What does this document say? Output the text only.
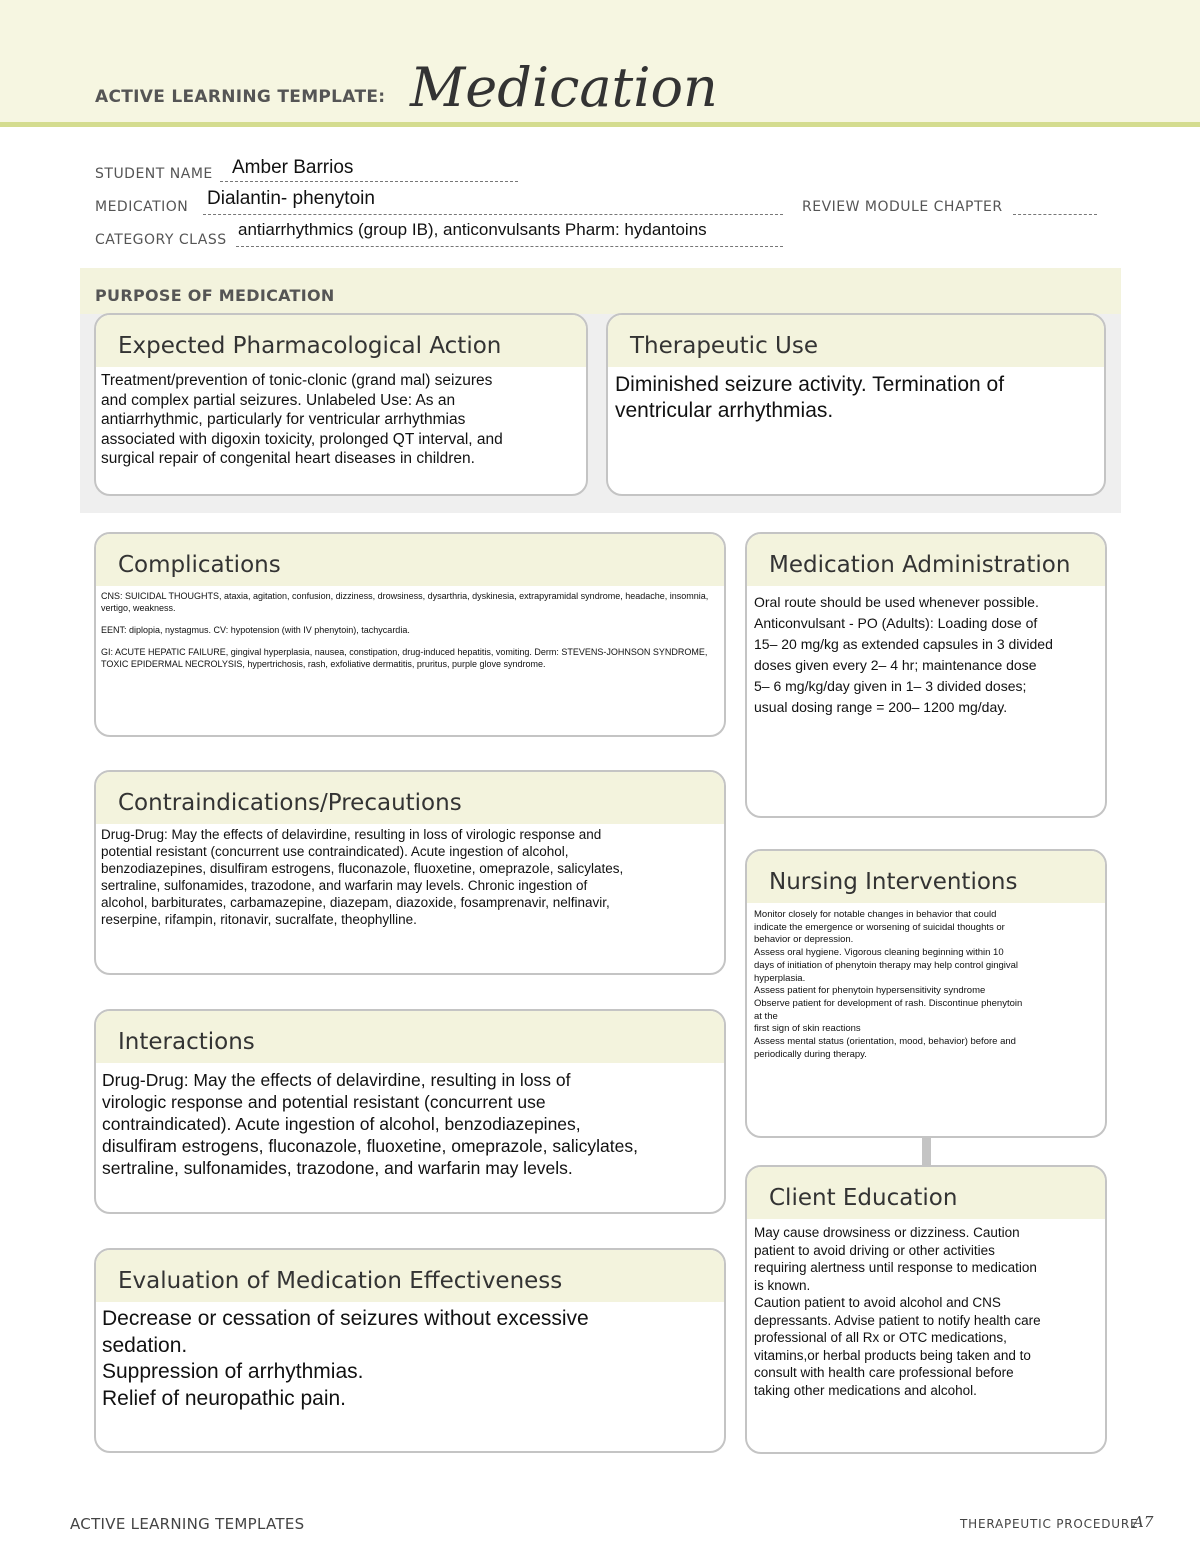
ACTIVE LEARNING TEMPLATE: Medication
STUDENT NAME Amber Barrios
MEDICATION Dialantin- phenytoin	REVIEW MODULE CHAPTER
CATEGORY CLASS
antiarrhythmics (group IB), anticonvulsants Pharm: hydantoins
PURPOSE OF MEDICATION
Expected Pharmacological Action

Treatment/prevention of tonic-clonic (grand mal) seizures

and complex partial seizures. Unlabeled Use: As an

antiarrhythmic, particularly for ventricular arrhythmias

associated with digoxin toxicity, prolonged QT interval, and

surgical repair of congenital heart diseases in children.

Therapeutic Use

Diminished seizure activity. Termination of

ventricular arrhythmias.

Complications

CNS: SUICIDAL THOUGHTS, ataxia, agitation, confusion, dizziness, drowsiness, dysarthria, dyskinesia, extrapyramidal syndrome, headache, insomnia, vertigo, weakness.

EENT: diplopia, nystagmus. CV: hypotension (with IV phenytoin), tachycardia.

GI: ACUTE HEPATIC FAILURE, gingival hyperplasia, nausea, constipation, drug-induced hepatitis, vomiting. Derm: STEVENS-JOHNSON SYNDROME, TOXIC EPIDERMAL NECROLYSIS, hypertrichosis, rash, exfoliative dermatitis, pruritus, purple glove syndrome.

Medication Administration

Oral route should be used whenever possible.

Anticonvulsant - PO (Adults): Loading dose of

15– 20 mg/kg as extended capsules in 3 divided

doses given every 2– 4 hr; maintenance dose

5– 6 mg/kg/day given in 1– 3 divided doses;

usual dosing range = 200– 1200 mg/day.

Contraindications/Precautions

Drug-Drug: May the effects of delavirdine, resulting in loss of virologic response and

potential resistant (concurrent use contraindicated). Acute ingestion of alcohol,

benzodiazepines, disulfiram estrogens, fluconazole, fluoxetine, omeprazole, salicylates,

sertraline, sulfonamides, trazodone, and warfarin may levels. Chronic ingestion of

alcohol, barbiturates, carbamazepine, diazepam, diazoxide, fosamprenavir, nelfinavir,

reserpine, rifampin, ritonavir, sucralfate, theophylline.

Nursing Interventions

Monitor closely for notable changes in behavior that could

indicate the emergence or worsening of suicidal thoughts or

behavior or depression.

Assess oral hygiene. Vigorous cleaning beginning within 10

days of initiation of phenytoin therapy may help control gingival

hyperplasia.

Assess patient for phenytoin hypersensitivity syndrome

Observe patient for development of rash. Discontinue phenytoin

at the

first sign of skin reactions

Assess mental status (orientation, mood, behavior) before and

periodically during therapy.

Interactions

Drug-Drug: May the effects of delavirdine, resulting in loss of

virologic response and potential resistant (concurrent use

contraindicated). Acute ingestion of alcohol, benzodiazepines,

disulfiram estrogens, fluconazole, fluoxetine, omeprazole, salicylates,

sertraline, sulfonamides, trazodone, and warfarin may levels.

Client Education

May cause drowsiness or dizziness. Caution

patient to avoid driving or other activities

requiring alertness until response to medication

is known.

Caution patient to avoid alcohol and CNS

depressants. Advise patient to notify health care

professional of all Rx or OTC medications,

vitamins,or herbal products being taken and to

consult with health care professional before

taking other medications and alcohol.

Evaluation of Medication Effectiveness

Decrease or cessation of seizures without excessive

sedation.

Suppression of arrhythmias.

Relief of neuropathic pain.

ACTIVE LEARNING TEMPLATES	THERAPEUTIC PROCEDURE
A7
